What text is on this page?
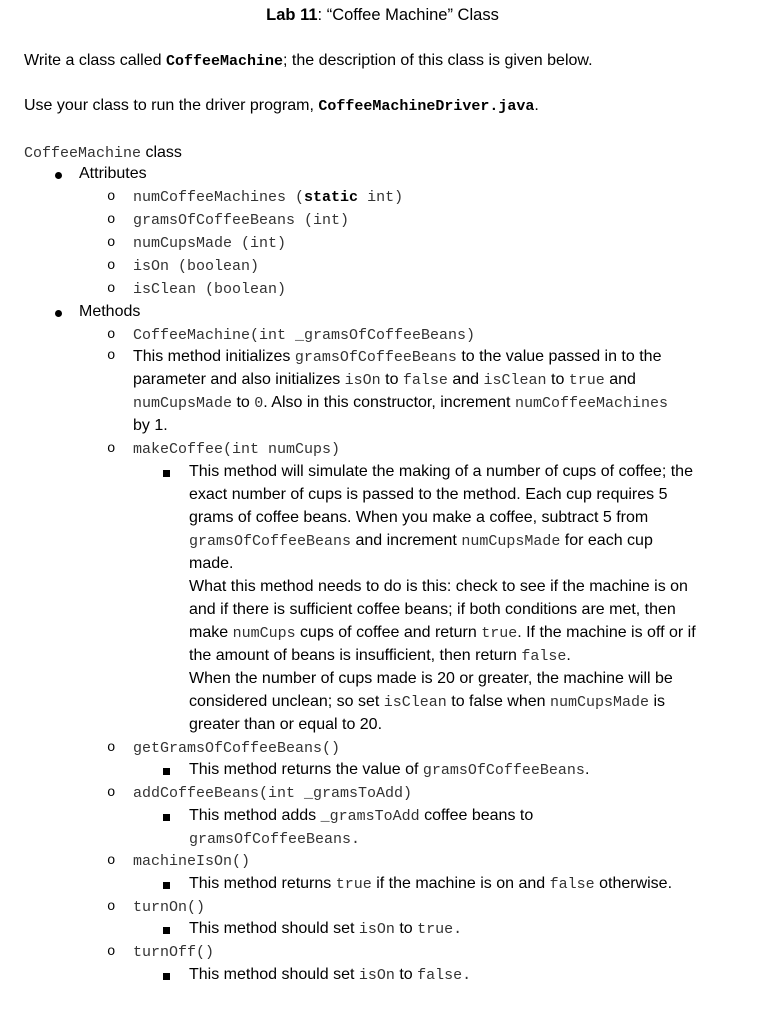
Lab 11: “Coffee Machine” Class
Write a class called CoffeeMachine; the description of this class is given below.
Use your class to run the driver program, CoffeeMachineDriver.java.
CoffeeMachine class
Attributes
o numCoffeeMachines (static int)
o gramsOfCoffeeBeans (int)
o numCupsMade (int)
o isOn (boolean)
o isClean (boolean)
Methods
o CoffeeMachine(int _gramsOfCoffeeBeans)
o This method initializes gramsOfCoffeeBeans to the value passed in to the
parameter and also initializes isOn to false and isClean to true and
numCupsMade to 0. Also in this constructor, increment numCoffeeMachines
by 1.
o makeCoffee(int numCups)
This method will simulate the making of a number of cups of coffee; the
exact number of cups is passed to the method. Each cup requires 5
grams of coffee beans. When you make a coffee, subtract 5 from
gramsOfCoffeeBeans and increment numCupsMade for each cup
made.
What this method needs to do is this: check to see if the machine is on
and if there is sufficient coffee beans; if both conditions are met, then
make numCups cups of coffee and return true. If the machine is off or if
the amount of beans is insufficient, then return false.
When the number of cups made is 20 or greater, the machine will be
considered unclean; so set isClean to false when numCupsMade is
greater than or equal to 20.
o getGramsOfCoffeeBeans()
This method returns the value of gramsOfCoffeeBeans.
o addCoffeeBeans(int _gramsToAdd)
This method adds _gramsToAdd coffee beans to
gramsOfCoffeeBeans.
o machineIsOn()
This method returns true if the machine is on and false otherwise.
o turnOn()
This method should set isOn to true.
o turnOff()
This method should set isOn to false.
